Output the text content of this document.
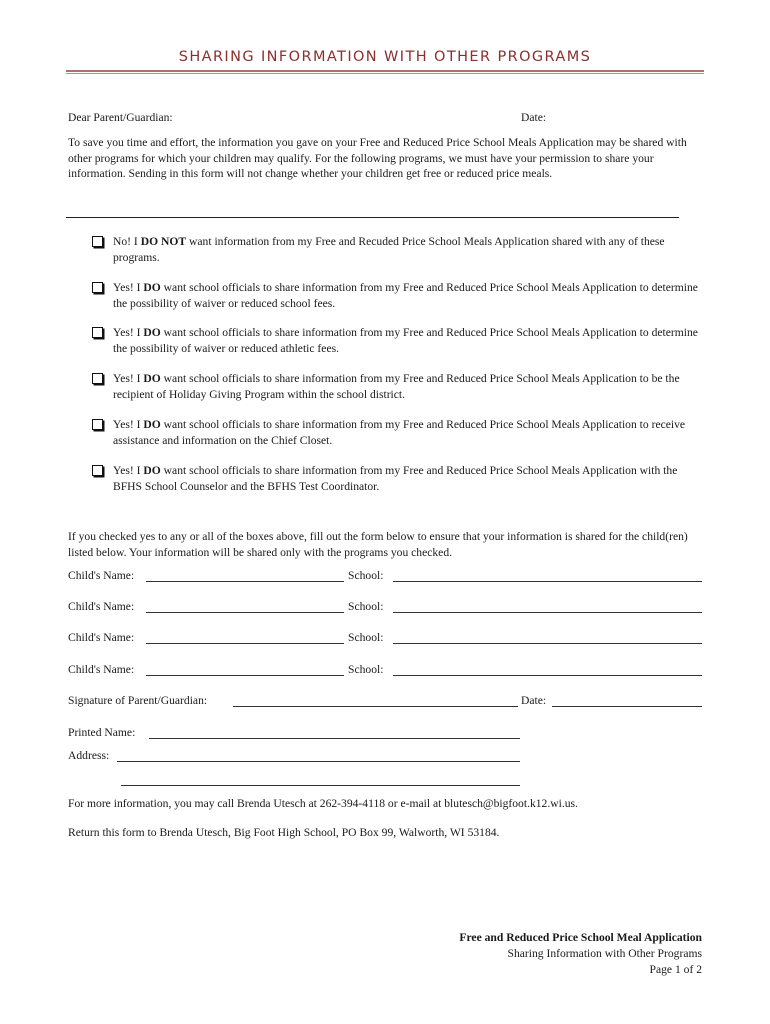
SHARING INFORMATION WITH OTHER PROGRAMS
Dear Parent/Guardian:	Date:
To save you time and effort, the information you gave on your Free and Reduced Price School Meals Application may be shared with other programs for which your children may qualify. For the following programs, we must have your permission to share your information. Sending in this form will not change whether your children get free or reduced price meals.
No! I DO NOT want information from my Free and Recuded Price School Meals Application shared with any of these programs.
Yes! I DO want school officials to share information from my Free and Reduced Price School Meals Application to determine the possibility of waiver or reduced school fees.
Yes! I DO want school officials to share information from my Free and Reduced Price School Meals Application to determine the possibility of waiver or reduced athletic fees.
Yes! I DO want school officials to share information from my Free and Reduced Price School Meals Application to be the recipient of Holiday Giving Program within the school district.
Yes! I DO want school officials to share information from my Free and Reduced Price School Meals Application to receive assistance and information on the Chief Closet.
Yes! I DO want school officials to share information from my Free and Reduced Price School Meals Application with the BFHS School Counselor and the BFHS Test Coordinator.
If you checked yes to any or all of the boxes above, fill out the form below to ensure that your information is shared for the child(ren) listed below. Your information will be shared only with the programs you checked.
Child's Name:	School:
Child's Name:	School:
Child's Name:	School:
Child's Name:	School:
Signature of Parent/Guardian:	Date:
Printed Name:
Address:
For more information, you may call Brenda Utesch at 262-394-4118 or e-mail at blutesch@bigfoot.k12.wi.us.
Return this form to Brenda Utesch, Big Foot High School, PO Box 99, Walworth, WI 53184.
Free and Reduced Price School Meal Application
Sharing Information with Other Programs
Page 1 of 2
